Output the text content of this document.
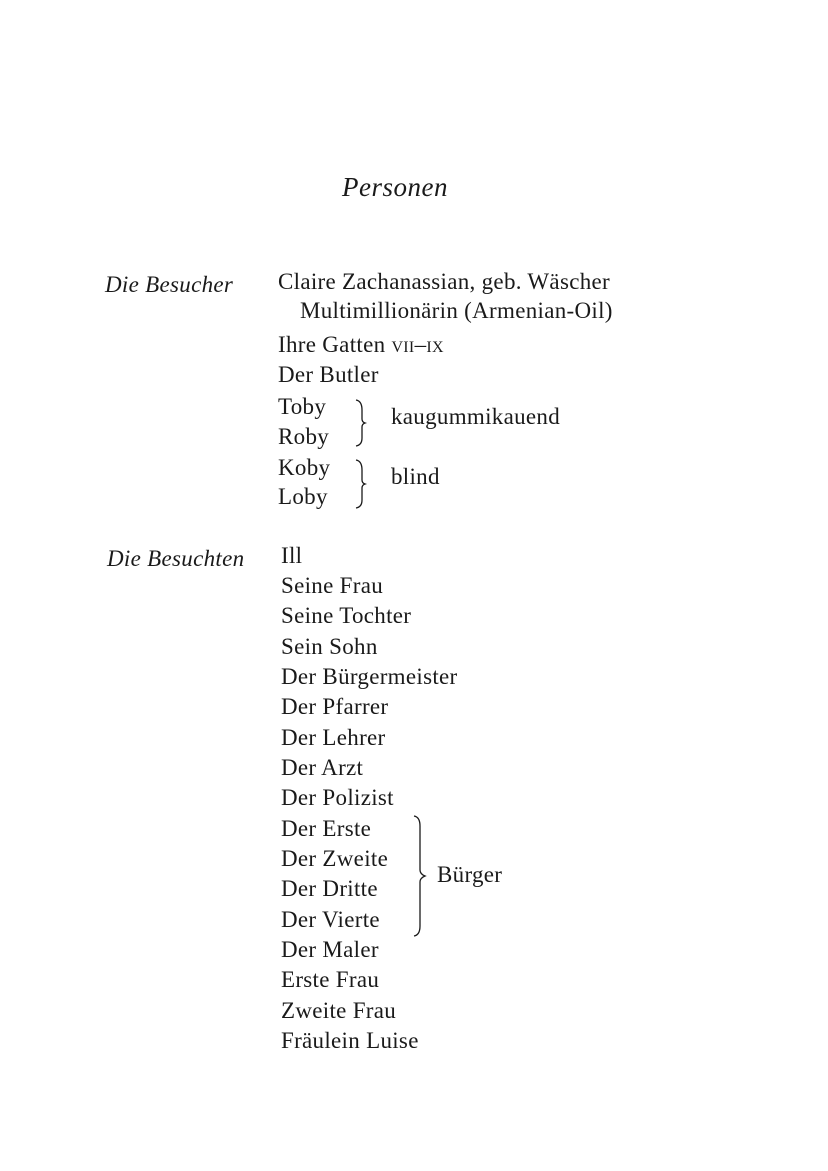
Personen
Die Besucher Claire Zachanassian, geb. Wäscher
Multimillionärin (Armenian-Oil)
Ihre Gatten vii–ix
Der Butler
Toby
Roby
kaugummikauend
Koby
Loby
blind
Die Besuchten Ill
Seine Frau
Seine Tochter
Sein Sohn
Der Bürgermeister
Der Pfarrer
Der Lehrer
Der Arzt
Der Polizist
Der Erste
Der Zweite
Der Dritte
Der Vierte
Bürger
Der Maler
Erste Frau
Zweite Frau
Fräulein Luise
